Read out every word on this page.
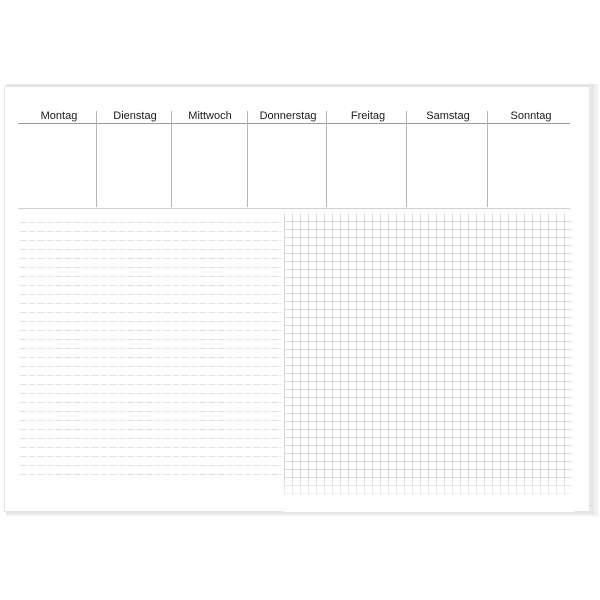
Montag	Dienstag	Mittwoch	Donnerstag	Freitag	Samstag	Sonntag
